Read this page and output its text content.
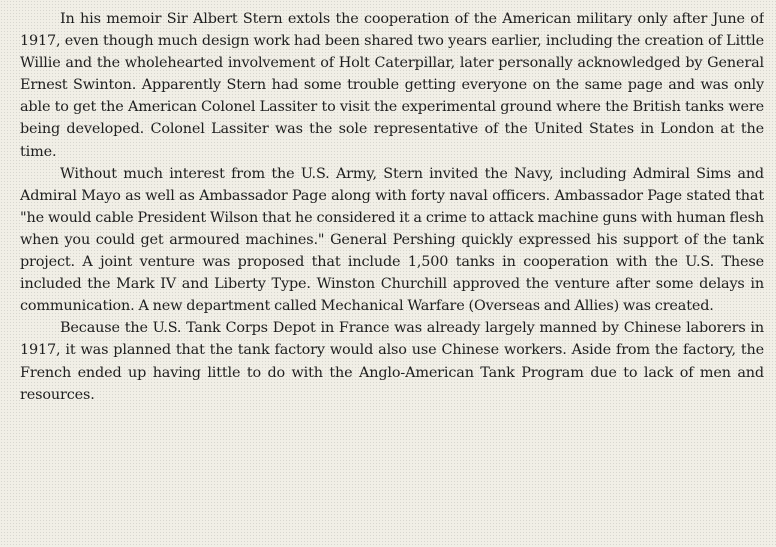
In his memoir Sir Albert Stern extols the cooperation of the American military only after June of 1917, even though much design work had been shared two years earlier, including the creation of Little Willie and the wholehearted involvement of Holt Caterpillar, later personally acknowledged by General Ernest Swinton. Apparently Stern had some trouble getting everyone on the same page and was only able to get the American Colonel Lassiter to visit the experimental ground where the British tanks were being developed. Colonel Lassiter was the sole representative of the United States in London at the time.

Without much interest from the U.S. Army, Stern invited the Navy, including Admiral Sims and Admiral Mayo as well as Ambassador Page along with forty naval officers. Ambassador Page stated that "he would cable President Wilson that he considered it a crime to attack machine guns with human flesh when you could get armoured machines." General Pershing quickly expressed his support of the tank project. A joint venture was proposed that include 1,500 tanks in cooperation with the U.S. These included the Mark IV and Liberty Type. Winston Churchill approved the venture after some delays in communication. A new department called Mechanical Warfare (Overseas and Allies) was created.

Because the U.S. Tank Corps Depot in France was already largely manned by Chinese laborers in 1917, it was planned that the tank factory would also use Chinese workers. Aside from the factory, the French ended up having little to do with the Anglo-American Tank Program due to lack of men and resources.
